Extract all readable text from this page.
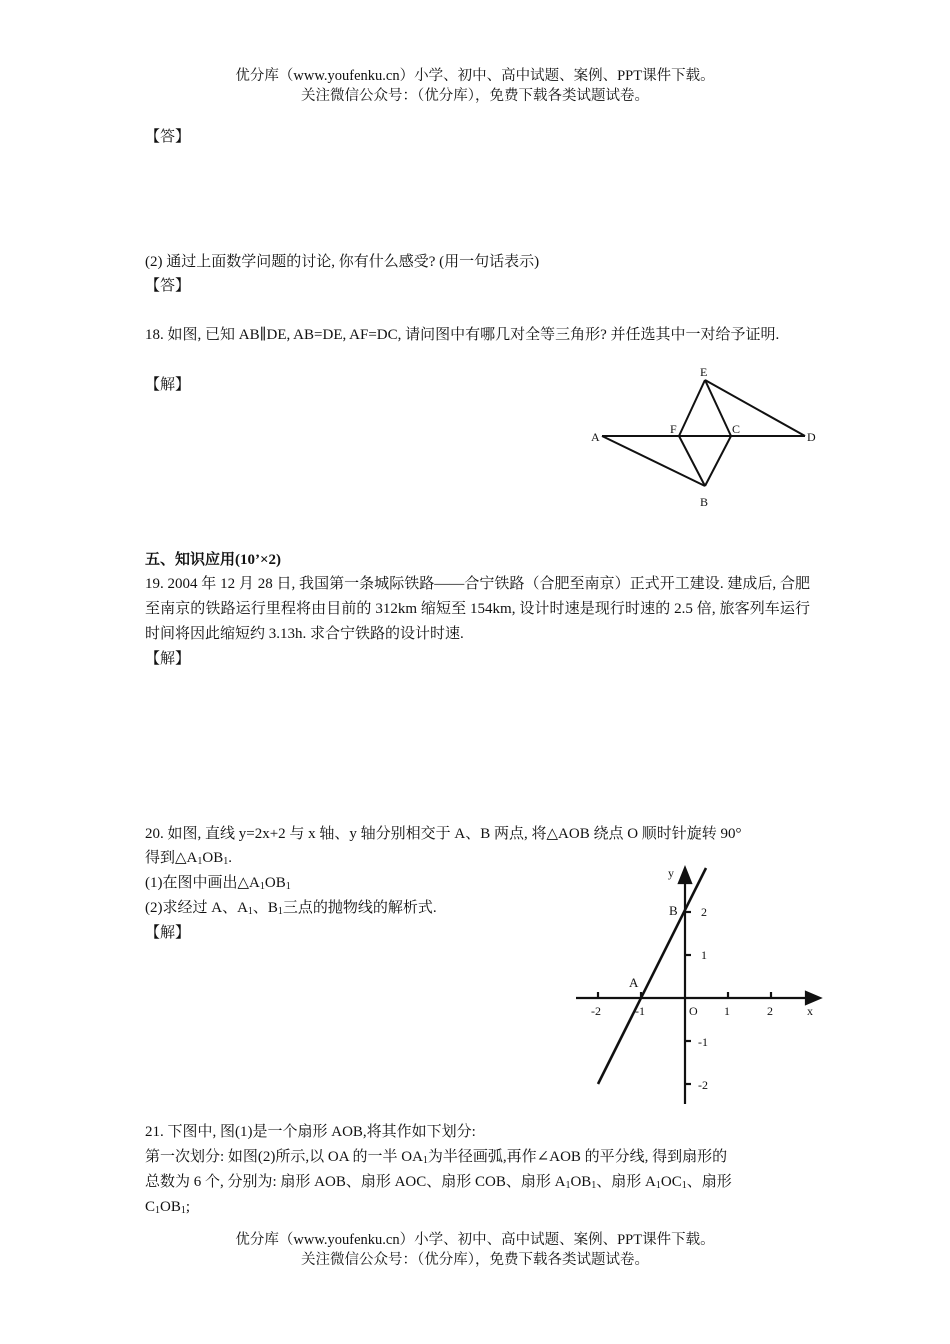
优分库（www.youfenku.cn）小学、初中、高中试题、案例、PPT课件下载。
关注微信公众号：（优分库），免费下载各类试题试卷。
【答】
(2) 通过上面数学问题的讨论, 你有什么感受? (用一句话表示)
【答】
18. 如图, 已知 AB∥DE, AB=DE, AF=DC, 请问图中有哪几对全等三角形? 并任选其中一对给予证明.
【解】
A
B
C
D
E
F
五、知识应用(10’×2)
19. 2004 年 12 月 28 日, 我国第一条城际铁路——合宁铁路（合肥至南京）正式开工建设. 建成后, 合肥至南京的铁路运行里程将由目前的 312km 缩短至 154km, 设计时速是现行时速的 2.5 倍, 旅客列车运行时间将因此缩短约 3.13h. 求合宁铁路的设计时速.
【解】
20. 如图, 直线 y=2x+2 与 x 轴、y 轴分别相交于 A、B 两点, 将△AOB 绕点 O 顺时针旋转 90°
得到$\triangle A_1OB_1$.
(1)在图中画出$\triangle A_1OB_1$
(2)求经过 A、$A_1$、$B_1$三点的抛物线的解析式.
【解】
x
y
O
A
B
-2	-1	1	2
2
1
-1
-2
21. 下图中, 图(1)是一个扇形 AOB,将其作如下划分:
第一次划分: 如图(2)所示,以 OA 的一半 $OA_1$为半径画弧,再作∠AOB 的平分线, 得到扇形的
总数为 6 个, 分别为: 扇形 AOB、扇形 AOC、扇形 COB、扇形 $A_1OB_1$、扇形 $A_1OC_1$、扇形
$C_1OB_1$;
优分库（www.youfenku.cn）小学、初中、高中试题、案例、PPT课件下载。
关注微信公众号：（优分库），免费下载各类试题试卷。
